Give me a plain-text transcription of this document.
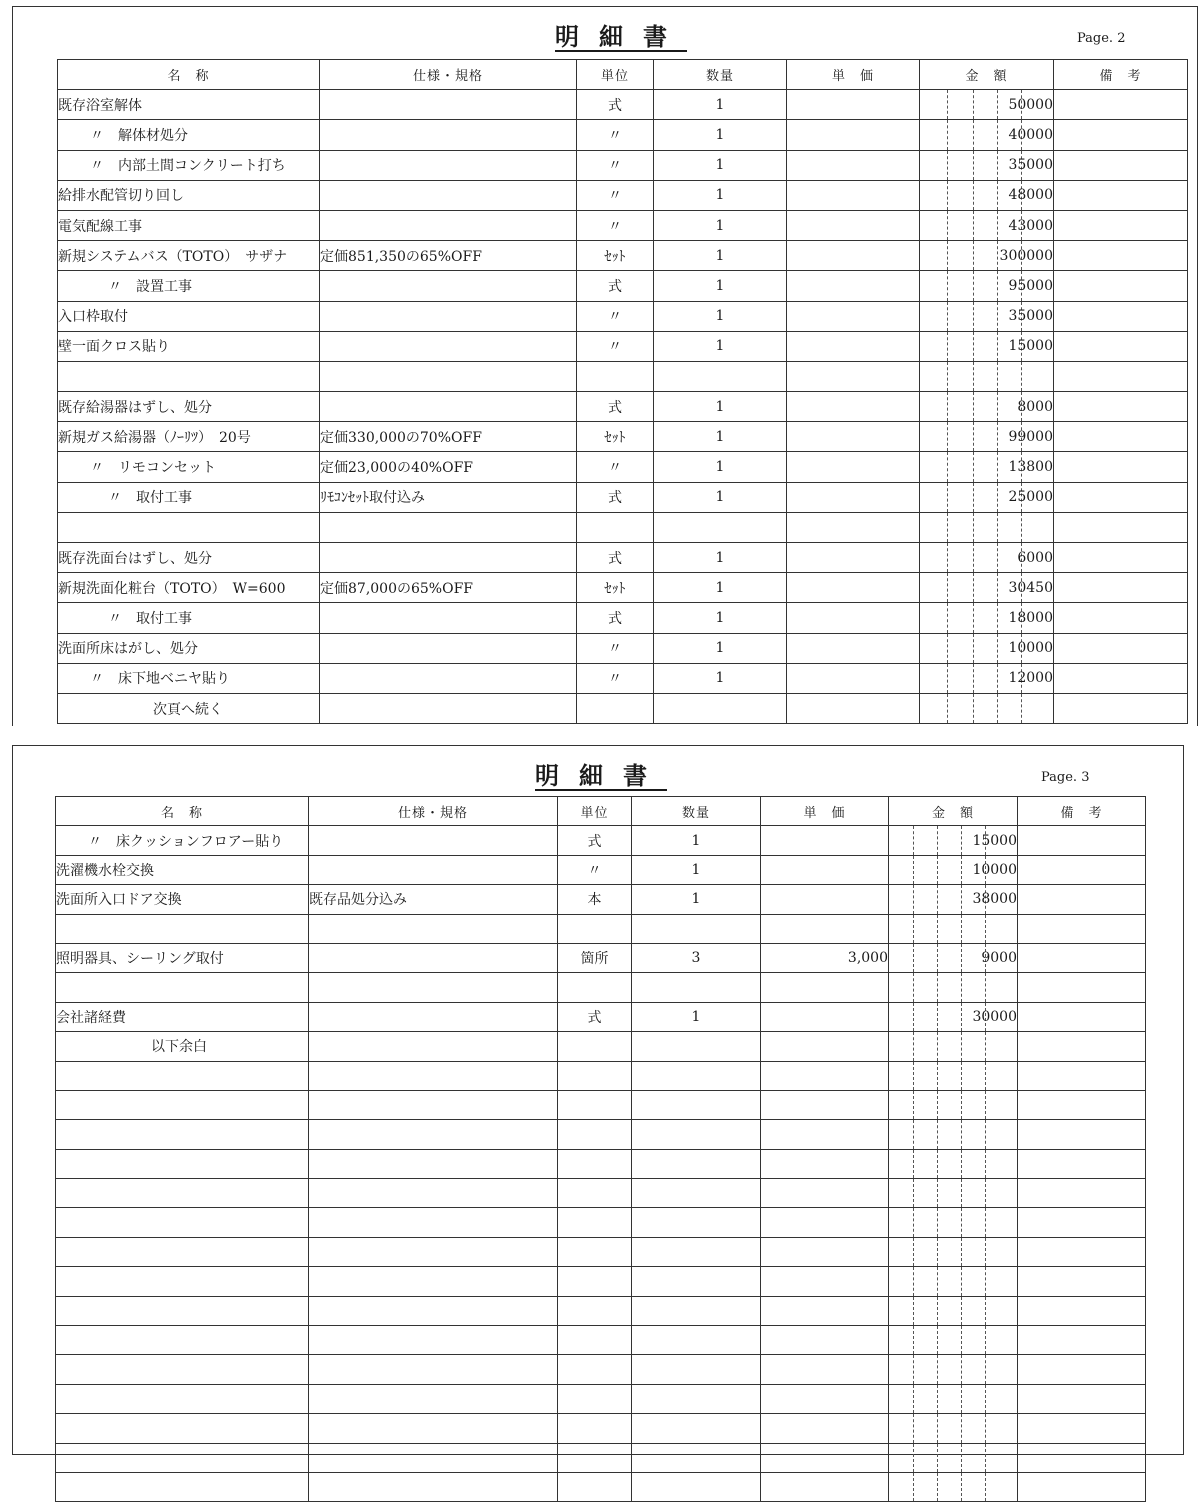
明細書	Page. 2
名　称	仕様・規格	単位	数量	単　価	金　額	備　考
既存浴室解体		式	1		50000	
〃　解体材処分		〃	1		40000	
〃　内部土間コンクリート打ち		〃	1		35000	
給排水配管切り回し		〃	1		48000	
電気配線工事		〃	1		43000	
新規システムバス（TOTO）　サザナ	定価851,350の65%OFF	ｾｯﾄ	1		300000	
〃　設置工事		式	1		95000	
入口枠取付		〃	1		35000	
壁一面クロス貼り		〃	1		15000	

既存給湯器はずし、処分		式	1		8000	
新規ガス給湯器（ﾉｰﾘﾂ）　20号	定価330,000の70%OFF	ｾｯﾄ	1		99000	
〃　リモコンセット	定価23,000の40%OFF	〃	1		13800	
〃　取付工事	ﾘﾓｺﾝｾｯﾄ取付込み	式	1		25000	

既存洗面台はずし、処分		式	1		6000	
新規洗面化粧台（TOTO）　W=600	定価87,000の65%OFF	ｾｯﾄ	1		30450	
〃　取付工事		式	1		18000	
洗面所床はがし、処分		〃	1		10000	
〃　床下地ベニヤ貼り		〃	1		12000	
次頁へ続く					

明細書	Page. 3
名　称	仕様・規格	単位	数量	単　価	金　額	備　考
〃　床クッションフロアー貼り		式	1		15000	
洗濯機水栓交換		〃	1		10000	
洗面所入口ドア交換	既存品処分込み	本	1		38000	

照明器具、シーリング取付		箇所	3	3,000	9000	

会社諸経費		式	1		30000	
以下余白					
